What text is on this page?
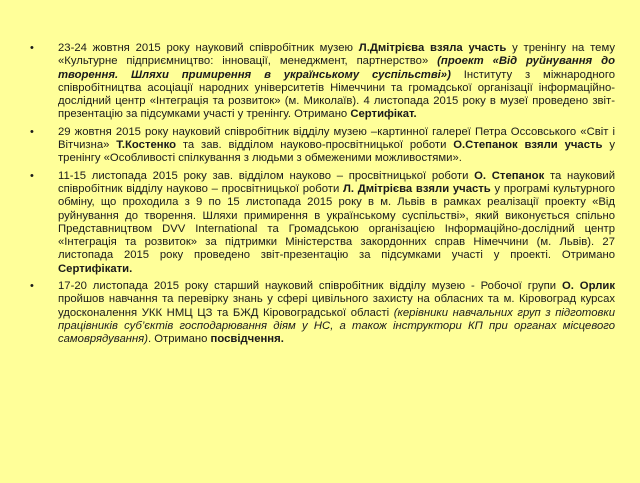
• 23-24 жовтня 2015 року науковий співробітник музею Л.Дмітрієва взяла участь у тренінгу на тему «Культурне підприємництво: інновації, менеджмент, партнерство» (проект «Від руйнування до творення. Шляхи примирення в українському суспільстві») Інституту з міжнародного співробітництва асоціації народних університетів Німеччини та громадської організації інформаційно-дослідний центр «Інтеграція та розвиток» (м. Миколаїв). 4 листопада 2015 року в музеї проведено звіт-презентацію за підсумками участі у тренінгу. Отримано Сертифікат.
• 29 жовтня 2015 року науковий співробітник відділу музею –картинної галереї Петра Оссовського «Світ і Вітчизна» Т.Костенко та зав. відділом науково-просвітницької роботи О.Степанок взяли участь у тренінгу «Особливості спілкування з людьми з обмеженими можливостями».
• 11-15 листопада 2015 року зав. відділом науково – просвітницької роботи О. Степанок та науковий співробітник відділу науково – просвітницької роботи Л. Дмітрієва взяли участь у програмі культурного обміну, що проходила з 9 по 15 листопада 2015 року в м. Львів в рамках реалізації проекту «Від руйнування до творення. Шляхи примирення в українському суспільстві», який виконується спільно Представництвом DVV International та Громадською організацією Інформаційно-дослідний центр «Інтеграція та розвиток» за підтримки Міністерства закордонних справ Німеччини (м. Львів). 27 листопада 2015 року проведено звіт-презентацію за підсумками участі у проекті. Отримано Сертифікати.
• 17-20 листопада 2015 року старший науковий співробітник відділу музею - Робочої групи О. Орлик пройшов навчання та перевірку знань у сфері цивільного захисту на обласних та м. Кіровоград курсах удосконалення УКК НМЦ ЦЗ та БЖД Кіровоградської області (керівники навчальних груп з підготовки працівників суб’єктів господарювання діям у НС, а також інструктори КП при органах місцевого самоврядування). Отримано посвідчення.
